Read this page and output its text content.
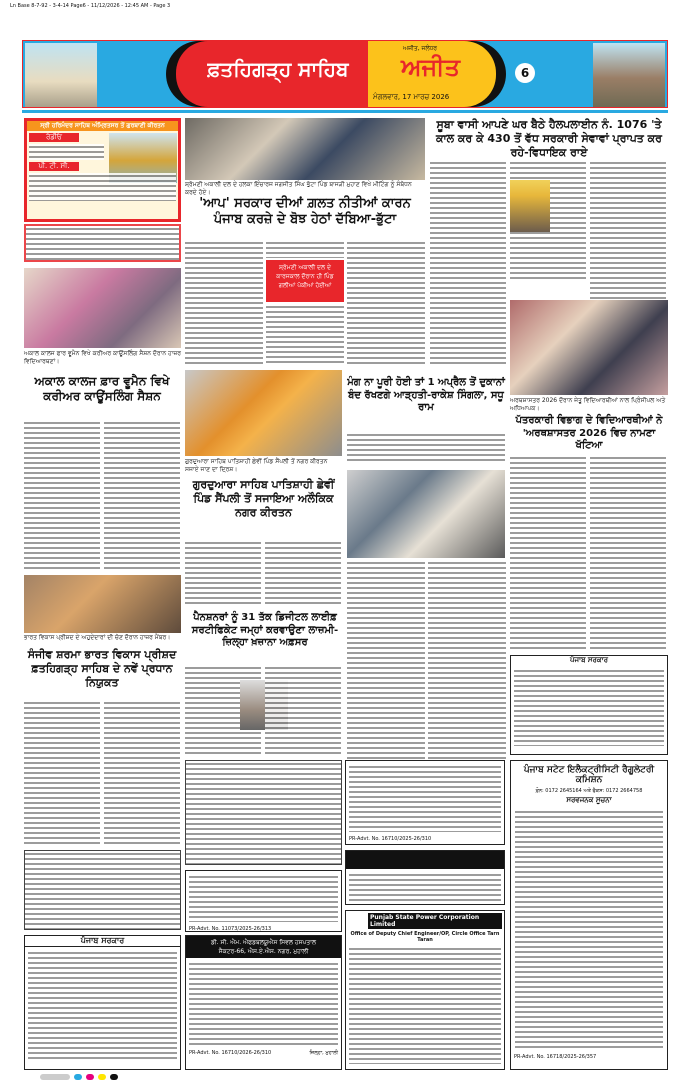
Ln Base 8-7-92 - 3-4-14 Page6 - 11/12/2026 - 12:45 AM - Page 3
ਫ਼ਤਹਿਗੜ੍ਹ ਸਾਹਿਬ
ਅਜੀਤ, ਜਲੰਧਰ
ਅਜੀਤ
ਮੰਗਲਵਾਰ, 17 ਮਾਰਚ 2026
6
ਸ੍ਰੀ ਹਰਿਮੰਦਰ ਸਾਹਿਬ ਅੰਮ੍ਰਿਤਸਰ ਤੋਂ ਗੁਰਬਾਣੀ ਕੀਰਤਨ
ਰੇਡੀਓ
ਪੀ. ਟੀ. ਸੀ.
ਅਕਾਲ ਕਾਲਜ ਫਾਰ ਵੂਮੈਨ ਵਿਖੇ ਕਰੀਅਰ ਕਾਊਂਸਲਿੰਗ ਸੈਸ਼ਨ ਦੌਰਾਨ ਹਾਜ਼ਰ ਵਿਦਿਆਰਥਣਾਂ।
ਅਕਾਲ ਕਾਲਜ ਫ਼ਾਰ ਵੂਮੈਨ ਵਿਖੇ ਕਰੀਅਰ ਕਾਊਂਸਲਿੰਗ ਸੈਸ਼ਨ
ਭਾਰਤ ਵਿਕਾਸ ਪ੍ਰੀਸ਼ਦ ਦੇ ਅਹੁਦੇਦਾਰਾਂ ਦੀ ਚੋਣ ਦੌਰਾਨ ਹਾਜ਼ਰ ਮੈਂਬਰ।
ਸੰਜੀਵ ਸ਼ਰਮਾ ਭਾਰਤ ਵਿਕਾਸ ਪ੍ਰੀਸ਼ਦ ਫ਼ਤਹਿਗੜ੍ਹ ਸਾਹਿਬ ਦੇ ਨਵੇਂ ਪ੍ਰਧਾਨ ਨਿਯੁਕਤ
ਪੰਜਾਬ ਸਰਕਾਰ
ਸ਼੍ਰੋਮਣੀ ਅਕਾਲੀ ਦਲ ਦੇ ਹਲਕਾ ਇੰਚਾਰਜ ਜਗਜੀਤ ਸਿੰਘ ਭੁੱਟਾ ਪਿੰਡ ਬਾਜੜੀ ਮੁਹਾਣ ਵਿਖੇ ਮੀਟਿੰਗ ਨੂੰ ਸੰਬੋਧਨ ਕਰਦੇ ਹੋਏ।
'ਆਪ' ਸਰਕਾਰ ਦੀਆਂ ਗ਼ਲਤ ਨੀਤੀਆਂ ਕਾਰਨ ਪੰਜਾਬ ਕਰਜ਼ੇ ਦੇ ਬੋਝ ਹੇਠਾਂ ਦੱਬਿਆ-ਭੁੱਟਾ
ਸ਼੍ਰੋਮਣੀ ਅਕਾਲੀ ਦਲ ਦੇ ਕਾਰਜਕਾਲ ਦੌਰਾਨ ਹੀ ਪਿੰਡ ਗਲੀਆਂ ਪੱਕੀਆਂ ਹੋਈਆਂ
ਗੁਰਦੁਆਰਾ ਸਾਹਿਬ ਪਾਤਿਸ਼ਾਹੀ ਛੇਵੀਂ ਪਿੰਡ ਸੈਂਪਲੀ ਤੋਂ ਨਗਰ ਕੀਰਤਨ ਸਜਾਏ ਜਾਣ ਦਾ ਦ੍ਰਿਸ਼।
ਗੁਰਦੁਆਰਾ ਸਾਹਿਬ ਪਾਤਿਸ਼ਾਹੀ ਛੇਵੀਂ ਪਿੰਡ ਸੈਂਪਲੀ ਤੋਂ ਸਜਾਇਆ ਅਲੌਕਿਕ ਨਗਰ ਕੀਰਤਨ
ਪੈਨਸ਼ਨਰਾਂ ਨੂੰ 31 ਤੱਕ ਡਿਜੀਟਲ ਲਾਈਫ਼ ਸਰਟੀਫਿਕੇਟ ਜਮ੍ਹਾਂ ਕਰਵਾਉਣਾ ਲਾਜ਼ਮੀ-ਜ਼ਿਲ੍ਹਾ ਖ਼ਜ਼ਾਨਾ ਅਫ਼ਸਰ
PR-Advt. No. 11073/2025-26/313
ਡੀ. ਸੀ. ਐਮ. ਐਫਡਬਲਯੂਐਸ ਸਿਵਲ ਹਸਪਤਾਲ
ਸੈਕਟਰ-66, ਐਸ.ਏ.ਐਸ. ਨਗਰ, ਮੁਹਾਲੀ
PR-Advt. No. 16710/2026-26/310	ਜ਼ਿਲ੍ਹਾ, ਮੁਹਾਲੀ
ਸੂਬਾ ਵਾਸੀ ਆਪਣੇ ਘਰ ਬੈਠੇ ਹੈਲਪਲਾਈਨ ਨੰ. 1076 'ਤੇ ਕਾਲ ਕਰ ਕੇ 430 ਤੋਂ ਵੱਧ ਸਰਕਾਰੀ ਸੇਵਾਵਾਂ ਪ੍ਰਾਪਤ ਕਰ ਰਹੇ-ਵਿਧਾਇਕ ਰਾਏ
ਅਰਥਸ਼ਾਸਤਰ 2026 ਦੌਰਾਨ ਜੇਤੂ ਵਿਦਿਆਰਥੀਆਂ ਨਾਲ ਪ੍ਰਿੰਸੀਪਲ ਅਤੇ ਅਧਿਆਪਕ।
ਪੱਤਰਕਾਰੀ ਵਿਭਾਗ ਦੇ ਵਿਦਿਆਰਥੀਆਂ ਨੇ 'ਅਰਥਸ਼ਾਸਤਰ 2026 ਵਿਚ ਨਾਮਣਾ ਖੱਟਿਆ
ਮੰਗ ਨਾ ਪੂਰੀ ਹੋਈ ਤਾਂ 1 ਅਪ੍ਰੈਲ ਤੋਂ ਦੁਕਾਨਾਂ ਬੰਦ ਰੱਖਣਗੇ ਆੜ੍ਹਤੀ-ਰਾਕੇਸ਼ ਸਿੰਗਲਾ, ਸਧੂ ਰਾਮ
ਪੰਜਾਬ ਸਰਕਾਰ
PR-Advt. No. 16710/2025-26/310
Punjab State Power Corporation Limited
Office of Deputy Chief Engineer/OP, Circle Office Tarn Taran
ਪੰਜਾਬ ਸਟੇਟ ਇਲੈਕਟ੍ਰੀਸਿਟੀ ਰੈਗੂਲੇਟਰੀ ਕਮਿਸ਼ਨ
ਫ਼ੋਨ: 0172 2645164 ਅਤੇ ਫੈਕਸ: 0172 2664758
ਸਰਵਜਨਕ ਸੂਚਨਾ
PR-Advt. No. 16718/2025-26/357
